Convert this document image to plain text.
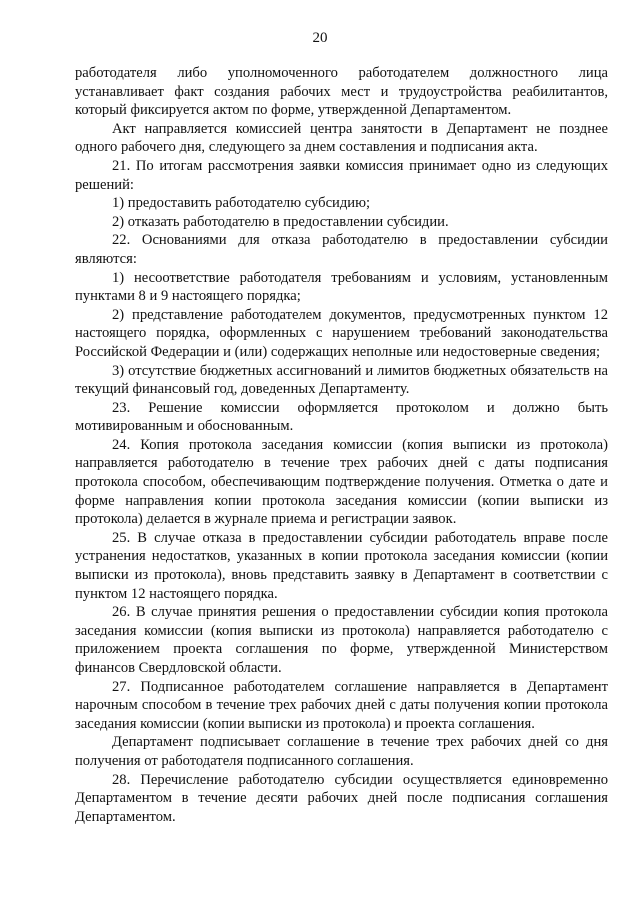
20

работодателя либо уполномоченного работодателем должностного лица устанавливает факт создания рабочих мест и трудоустройства реабилитантов, который фиксируется актом по форме, утвержденной Департаментом.

Акт направляется комиссией центра занятости в Департамент не позднее одного рабочего дня, следующего за днем составления и подписания акта.

21. По итогам рассмотрения заявки комиссия принимает одно из следующих решений:

1) предоставить работодателю субсидию;

2) отказать работодателю в предоставлении субсидии.

22. Основаниями для отказа работодателю в предоставлении субсидии являются:

1) несоответствие работодателя требованиям и условиям, установленным пунктами 8 и 9 настоящего порядка;

2) представление работодателем документов, предусмотренных пунктом 12 настоящего порядка, оформленных с нарушением требований законодательства Российской Федерации и (или) содержащих неполные или недостоверные сведения;

3) отсутствие бюджетных ассигнований и лимитов бюджетных обязательств на текущий финансовый год, доведенных Департаменту.

23. Решение комиссии оформляется протоколом и должно быть мотивированным и обоснованным.

24. Копия протокола заседания комиссии (копия выписки из протокола) направляется работодателю в течение трех рабочих дней с даты подписания протокола способом, обеспечивающим подтверждение получения. Отметка о дате и форме направления копии протокола заседания комиссии (копии выписки из протокола) делается в журнале приема и регистрации заявок.

25. В случае отказа в предоставлении субсидии работодатель вправе после устранения недостатков, указанных в копии протокола заседания комиссии (копии выписки из протокола), вновь представить заявку в Департамент в соответствии с пунктом 12 настоящего порядка.

26. В случае принятия решения о предоставлении субсидии копия протокола заседания комиссии (копия выписки из протокола) направляется работодателю с приложением проекта соглашения по форме, утвержденной Министерством финансов Свердловской области.

27. Подписанное работодателем соглашение направляется в Департамент нарочным способом в течение трех рабочих дней с даты получения копии протокола заседания комиссии (копии выписки из протокола) и проекта соглашения.

Департамент подписывает соглашение в течение трех рабочих дней со дня получения от работодателя подписанного соглашения.

28. Перечисление работодателю субсидии осуществляется единовременно Департаментом в течение десяти рабочих дней после подписания соглашения Департаментом.
